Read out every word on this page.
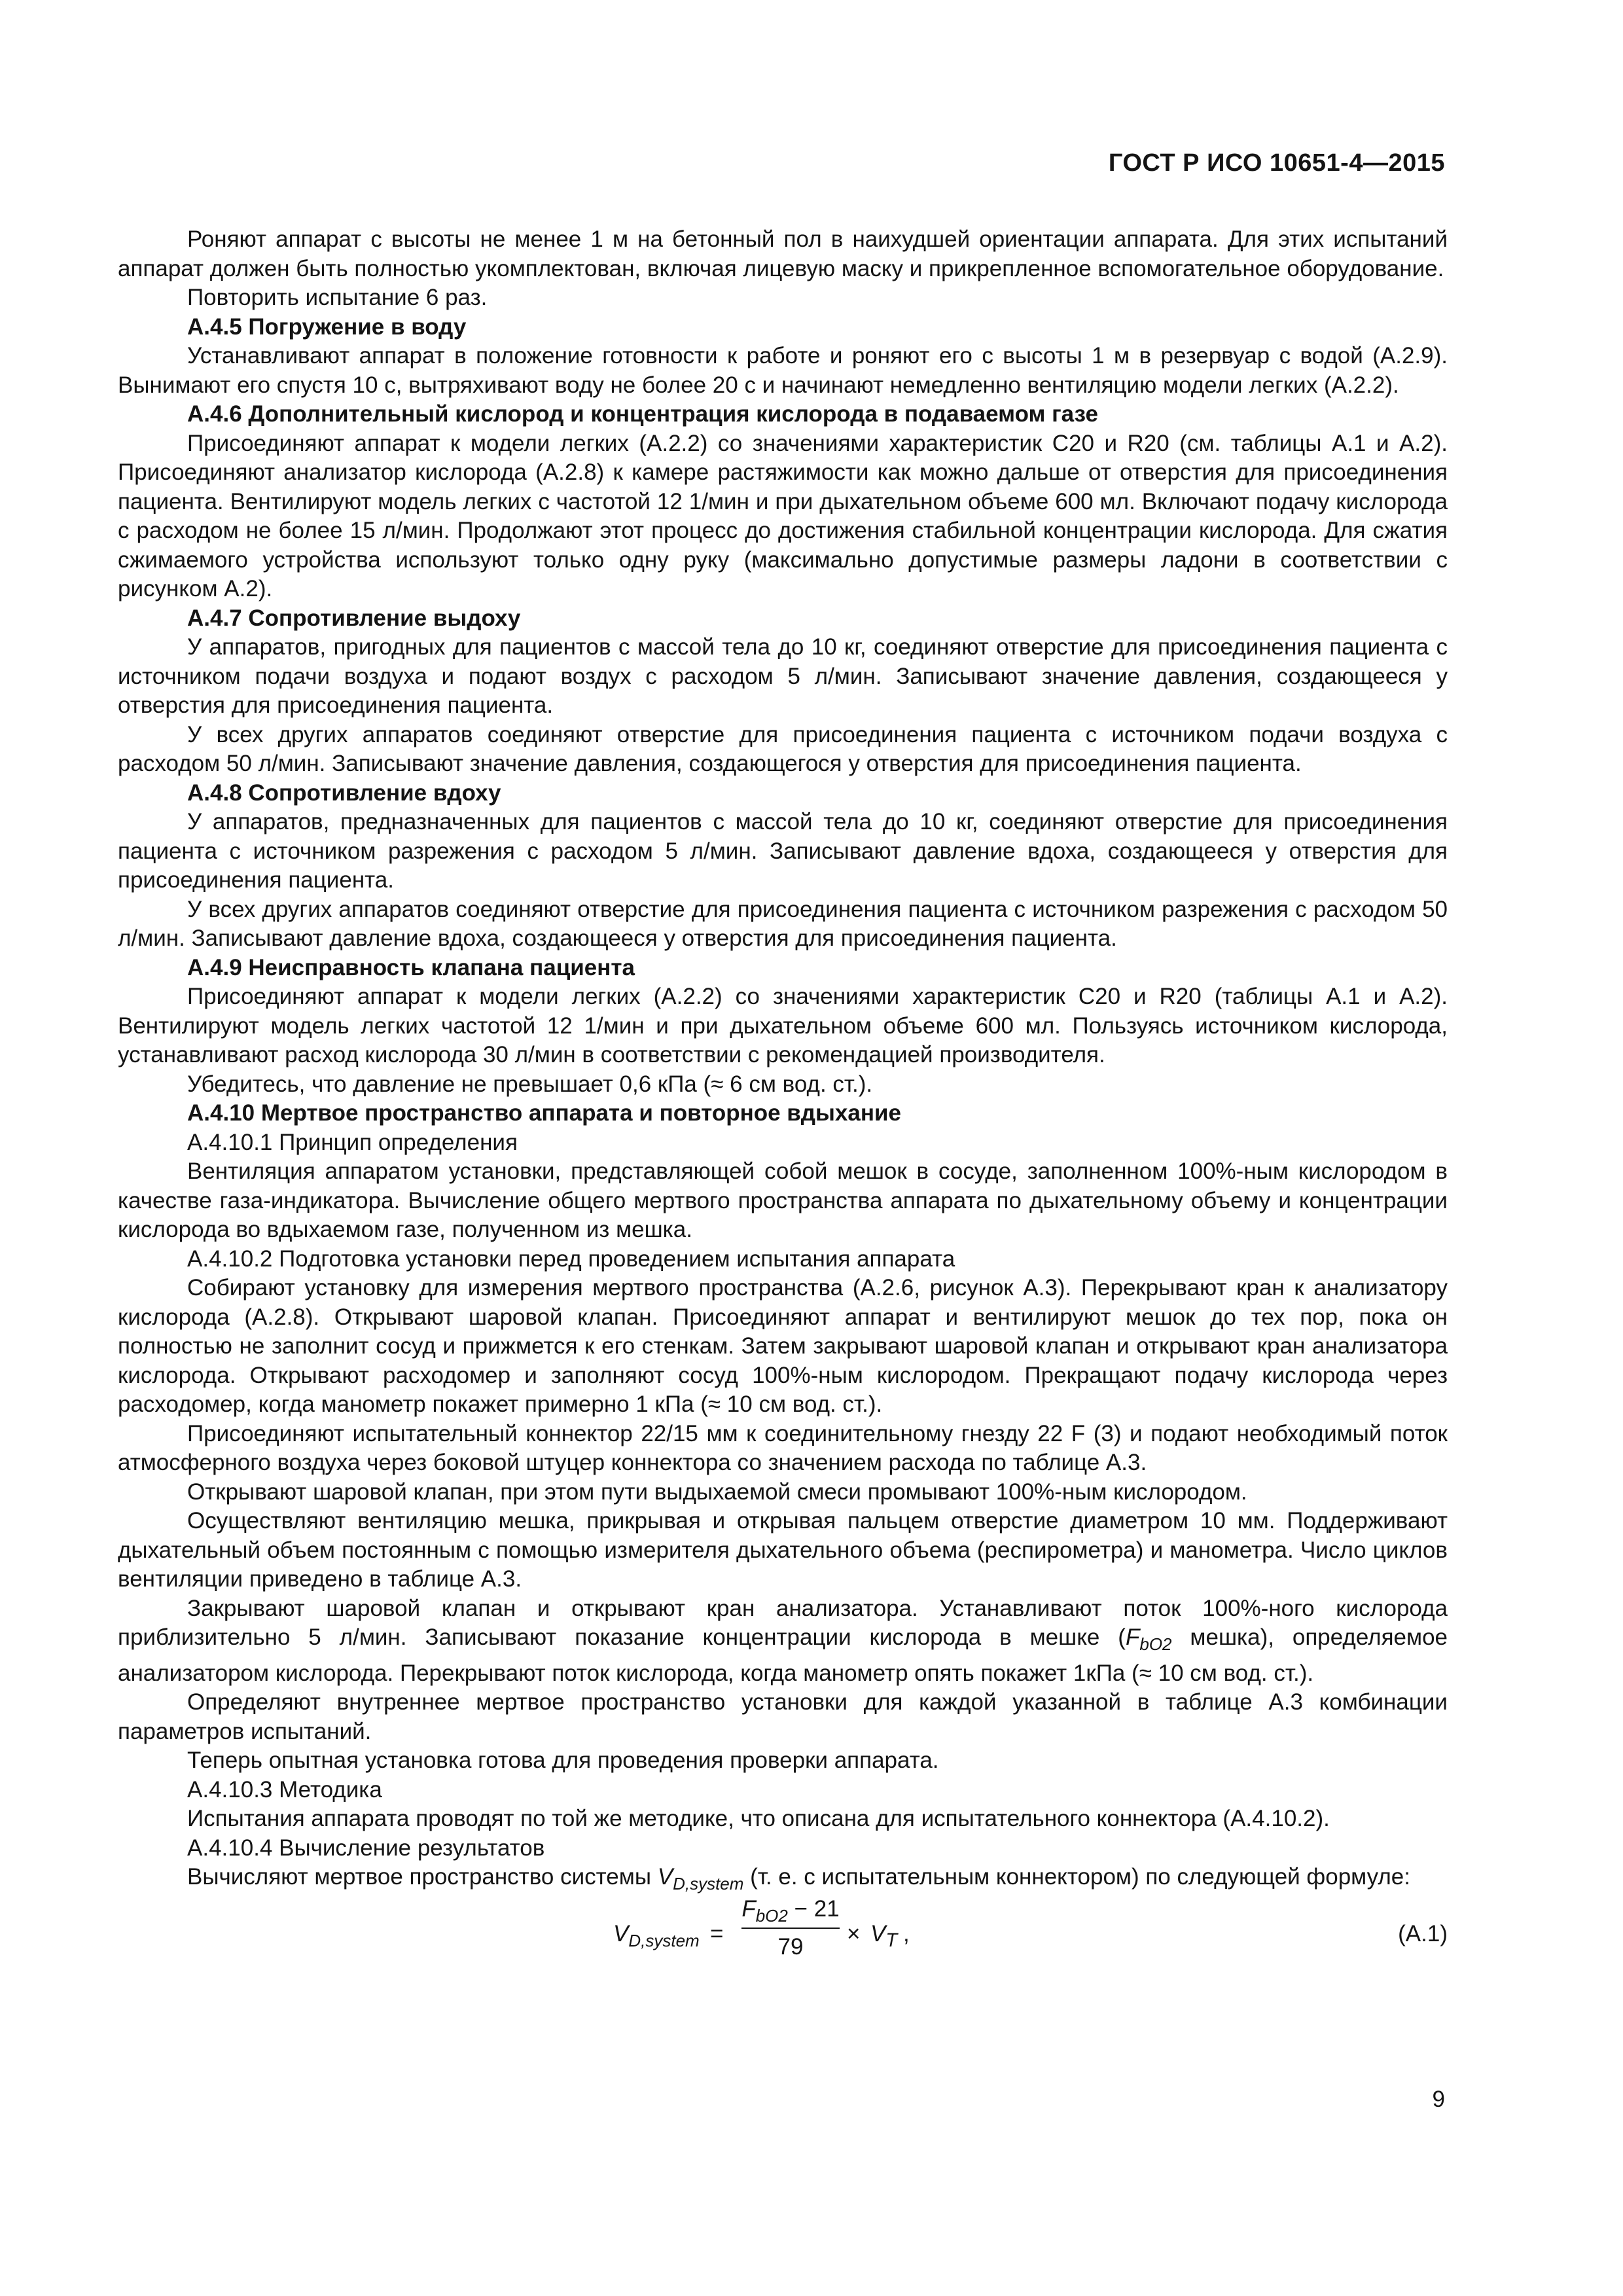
ГОСТ Р ИСО 10651-4—2015

Роняют аппарат с высоты не менее 1 м на бетонный пол в наихудшей ориентации аппарата. Для этих испытаний аппарат должен быть полностью укомплектован, включая лицевую маску и прикрепленное вспомогательное оборудование.

Повторить испытание 6 раз.

А.4.5 Погружение в воду

Устанавливают аппарат в положение готовности к работе и роняют его с высоты 1 м в резервуар с водой (А.2.9). Вынимают его спустя 10 с, вытряхивают воду не более 20 с и начинают немедленно вентиляцию модели легких (А.2.2).

А.4.6 Дополнительный кислород и концентрация кислорода в подаваемом газе

Присоединяют аппарат к модели легких (А.2.2) со значениями характеристик С20 и R20 (см. таблицы А.1 и А.2). Присоединяют анализатор кислорода (А.2.8) к камере растяжимости как можно дальше от отверстия для присоединения пациента. Вентилируют модель легких с частотой 12 1/мин и при дыхательном объеме 600 мл. Включают подачу кислорода с расходом не более 15 л/мин. Продолжают этот процесс до достижения стабильной концентрации кислорода. Для сжатия сжимаемого устройства используют только одну руку (максимально допустимые размеры ладони в соответствии с рисунком А.2).

А.4.7 Сопротивление выдоху

У аппаратов, пригодных для пациентов с массой тела до 10 кг, соединяют отверстие для присоединения пациента с источником подачи воздуха и подают воздух с расходом 5 л/мин. Записывают значение давления, создающееся у отверстия для присоединения пациента.

У всех других аппаратов соединяют отверстие для присоединения пациента с источником подачи воздуха с расходом 50 л/мин. Записывают значение давления, создающегося у отверстия для присоединения пациента.

А.4.8 Сопротивление вдоху

У аппаратов, предназначенных для пациентов с массой тела до 10 кг, соединяют отверстие для присоединения пациента с источником разрежения с расходом 5 л/мин. Записывают давление вдоха, создающееся у отверстия для присоединения пациента.

У всех других аппаратов соединяют отверстие для присоединения пациента с источником разрежения с расходом 50 л/мин. Записывают давление вдоха, создающееся у отверстия для присоединения пациента.

А.4.9 Неисправность клапана пациента

Присоединяют аппарат к модели легких (А.2.2) со значениями характеристик С20 и R20 (таблицы А.1 и А.2). Вентилируют модель легких частотой 12 1/мин и при дыхательном объеме 600 мл. Пользуясь источником кислорода, устанавливают расход кислорода 30 л/мин в соответствии с рекомендацией производителя.

Убедитесь, что давление не превышает 0,6 кПа (≈ 6 см вод. ст.).

А.4.10 Мертвое пространство аппарата и повторное вдыхание

А.4.10.1 Принцип определения

Вентиляция аппаратом установки, представляющей собой мешок в сосуде, заполненном 100%-ным кислородом в качестве газа-индикатора. Вычисление общего мертвого пространства аппарата по дыхательному объему и концентрации кислорода во вдыхаемом газе, полученном из мешка.

А.4.10.2 Подготовка установки перед проведением испытания аппарата

Собирают установку для измерения мертвого пространства (А.2.6, рисунок А.3). Перекрывают кран к анализатору кислорода (А.2.8). Открывают шаровой клапан. Присоединяют аппарат и вентилируют мешок до тех пор, пока он полностью не заполнит сосуд и прижмется к его стенкам. Затем закрывают шаровой клапан и открывают кран анализатора кислорода. Открывают расходомер и заполняют сосуд 100%-ным кислородом. Прекращают подачу кислорода через расходомер, когда манометр покажет примерно 1 кПа (≈ 10 см вод. ст.).

Присоединяют испытательный коннектор 22/15 мм к соединительному гнезду 22 F (3) и подают необходимый поток атмосферного воздуха через боковой штуцер коннектора со значением расхода по таблице А.3.

Открывают шаровой клапан, при этом пути выдыхаемой смеси промывают 100%-ным кислородом.

Осуществляют вентиляцию мешка, прикрывая и открывая пальцем отверстие диаметром 10 мм. Поддерживают дыхательный объем постоянным с помощью измерителя дыхательного объема (респирометра) и манометра. Число циклов вентиляции приведено в таблице А.3.

Закрывают шаровой клапан и открывают кран анализатора. Устанавливают поток 100%-ного кислорода приблизительно 5 л/мин. Записывают показание концентрации кислорода в мешке ($F_{bO2}$ мешка), определяемое анализатором кислорода. Перекрывают поток кислорода, когда манометр опять покажет 1кПа (≈ 10 см вод. ст.).

Определяют внутреннее мертвое пространство установки для каждой указанной в таблице А.3 комбинации параметров испытаний.

Теперь опытная установка готова для проведения проверки аппарата.

А.4.10.3 Методика

Испытания аппарата проводят по той же методике, что описана для испытательного коннектора (А.4.10.2).

А.4.10.4 Вычисление результатов

Вычисляют мертвое пространство системы $V_{D,system}$ (т. е. с испытательным коннектором) по следующей формуле:

$V_{D,system}$ =
$F_{bO2} - 21$
79
× $V_T$ ,	(А.1)
9
